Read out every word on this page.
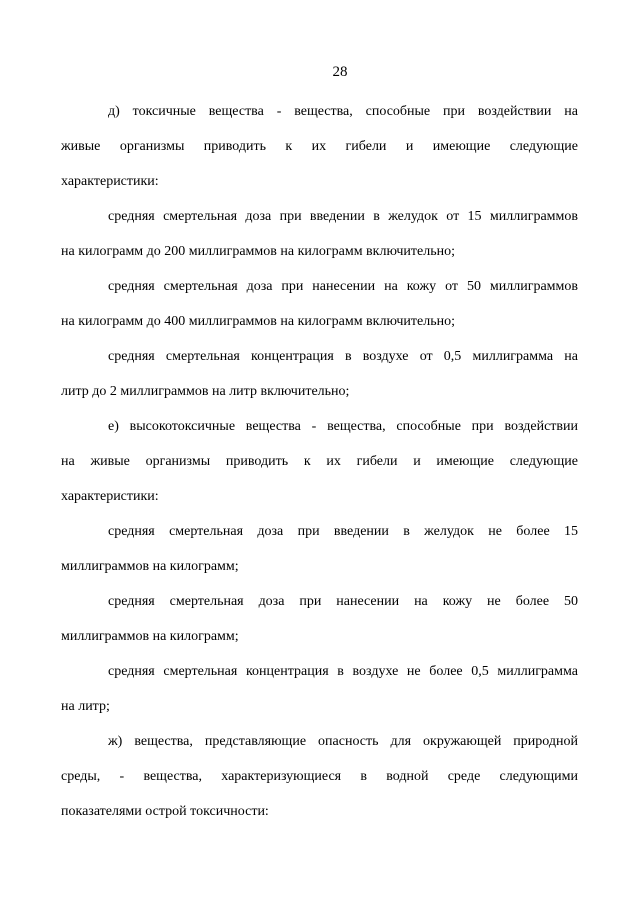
28
д) токсичные вещества - вещества, способные при воздействии на
живые организмы приводить к их гибели и имеющие следующие
характеристики:
средняя смертельная доза при введении в желудок от 15 миллиграммов
на килограмм до 200 миллиграммов на килограмм включительно;
средняя смертельная доза при нанесении на кожу от 50 миллиграммов
на килограмм до 400 миллиграммов на килограмм включительно;
средняя смертельная концентрация в воздухе от 0,5 миллиграмма на
литр до 2 миллиграммов на литр включительно;
е) высокотоксичные вещества - вещества, способные при воздействии
на живые организмы приводить к их гибели и имеющие следующие
характеристики:
средняя смертельная доза при введении в желудок не более 15
миллиграммов на килограмм;
средняя смертельная доза при нанесении на кожу не более 50
миллиграммов на килограмм;
средняя смертельная концентрация в воздухе не более 0,5 миллиграмма
на литр;
ж) вещества, представляющие опасность для окружающей природной
среды, - вещества, характеризующиеся в водной среде следующими
показателями острой токсичности:
